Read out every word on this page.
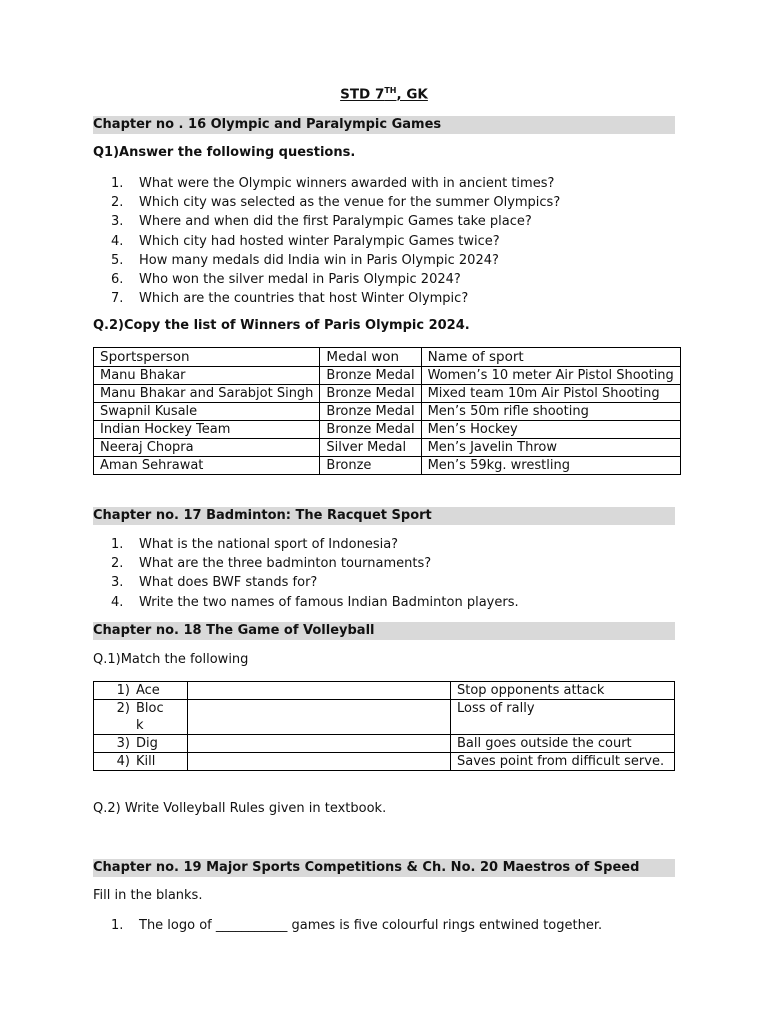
STD 7TH, GK
Chapter no . 16 Olympic and Paralympic Games
Q1)Answer the following questions.
1.	What were the Olympic winners awarded with in ancient times?
2.	Which city was selected as the venue for the summer Olympics?
3.	Where and when did the first Paralympic Games take place?
4.	Which city had hosted winter Paralympic Games twice?
5.	How many medals did India win in Paris Olympic 2024?
6.	Who won the silver medal in Paris Olympic 2024?
7.	Which are the countries that host Winter Olympic?
Q.2)Copy the list of Winners of Paris Olympic 2024.
Sportsperson	Medal won	Name of sport
Manu Bhakar	Bronze Medal	Women’s 10 meter Air Pistol Shooting
Manu Bhakar and Sarabjot Singh	Bronze Medal	Mixed team 10m Air Pistol Shooting
Swapnil Kusale	Bronze Medal	Men’s 50m rifle shooting
Indian Hockey Team	Bronze Medal	Men’s Hockey
Neeraj Chopra	Silver Medal	Men’s Javelin Throw
Aman Sehrawat	Bronze	Men’s 59kg. wrestling
Chapter no. 17 Badminton: The Racquet Sport
1.	What is the national sport of Indonesia?
2.	What are the three badminton tournaments?
3.	What does BWF stands for?
4.	Write the two names of famous Indian Badminton players.
Chapter no. 18 The Game of Volleyball
Q.1)Match the following
1) Ace		Stop opponents attack
2) Bloc
k		Loss of rally
3) Dig		Ball goes outside the court
4) Kill		Saves point from difficult serve.
Q.2) Write Volleyball Rules given in textbook.
Chapter no. 19 Major Sports Competitions & Ch. No. 20 Maestros of Speed
Fill in the blanks.
1.	The logo of ___________ games is five colourful rings entwined together.
